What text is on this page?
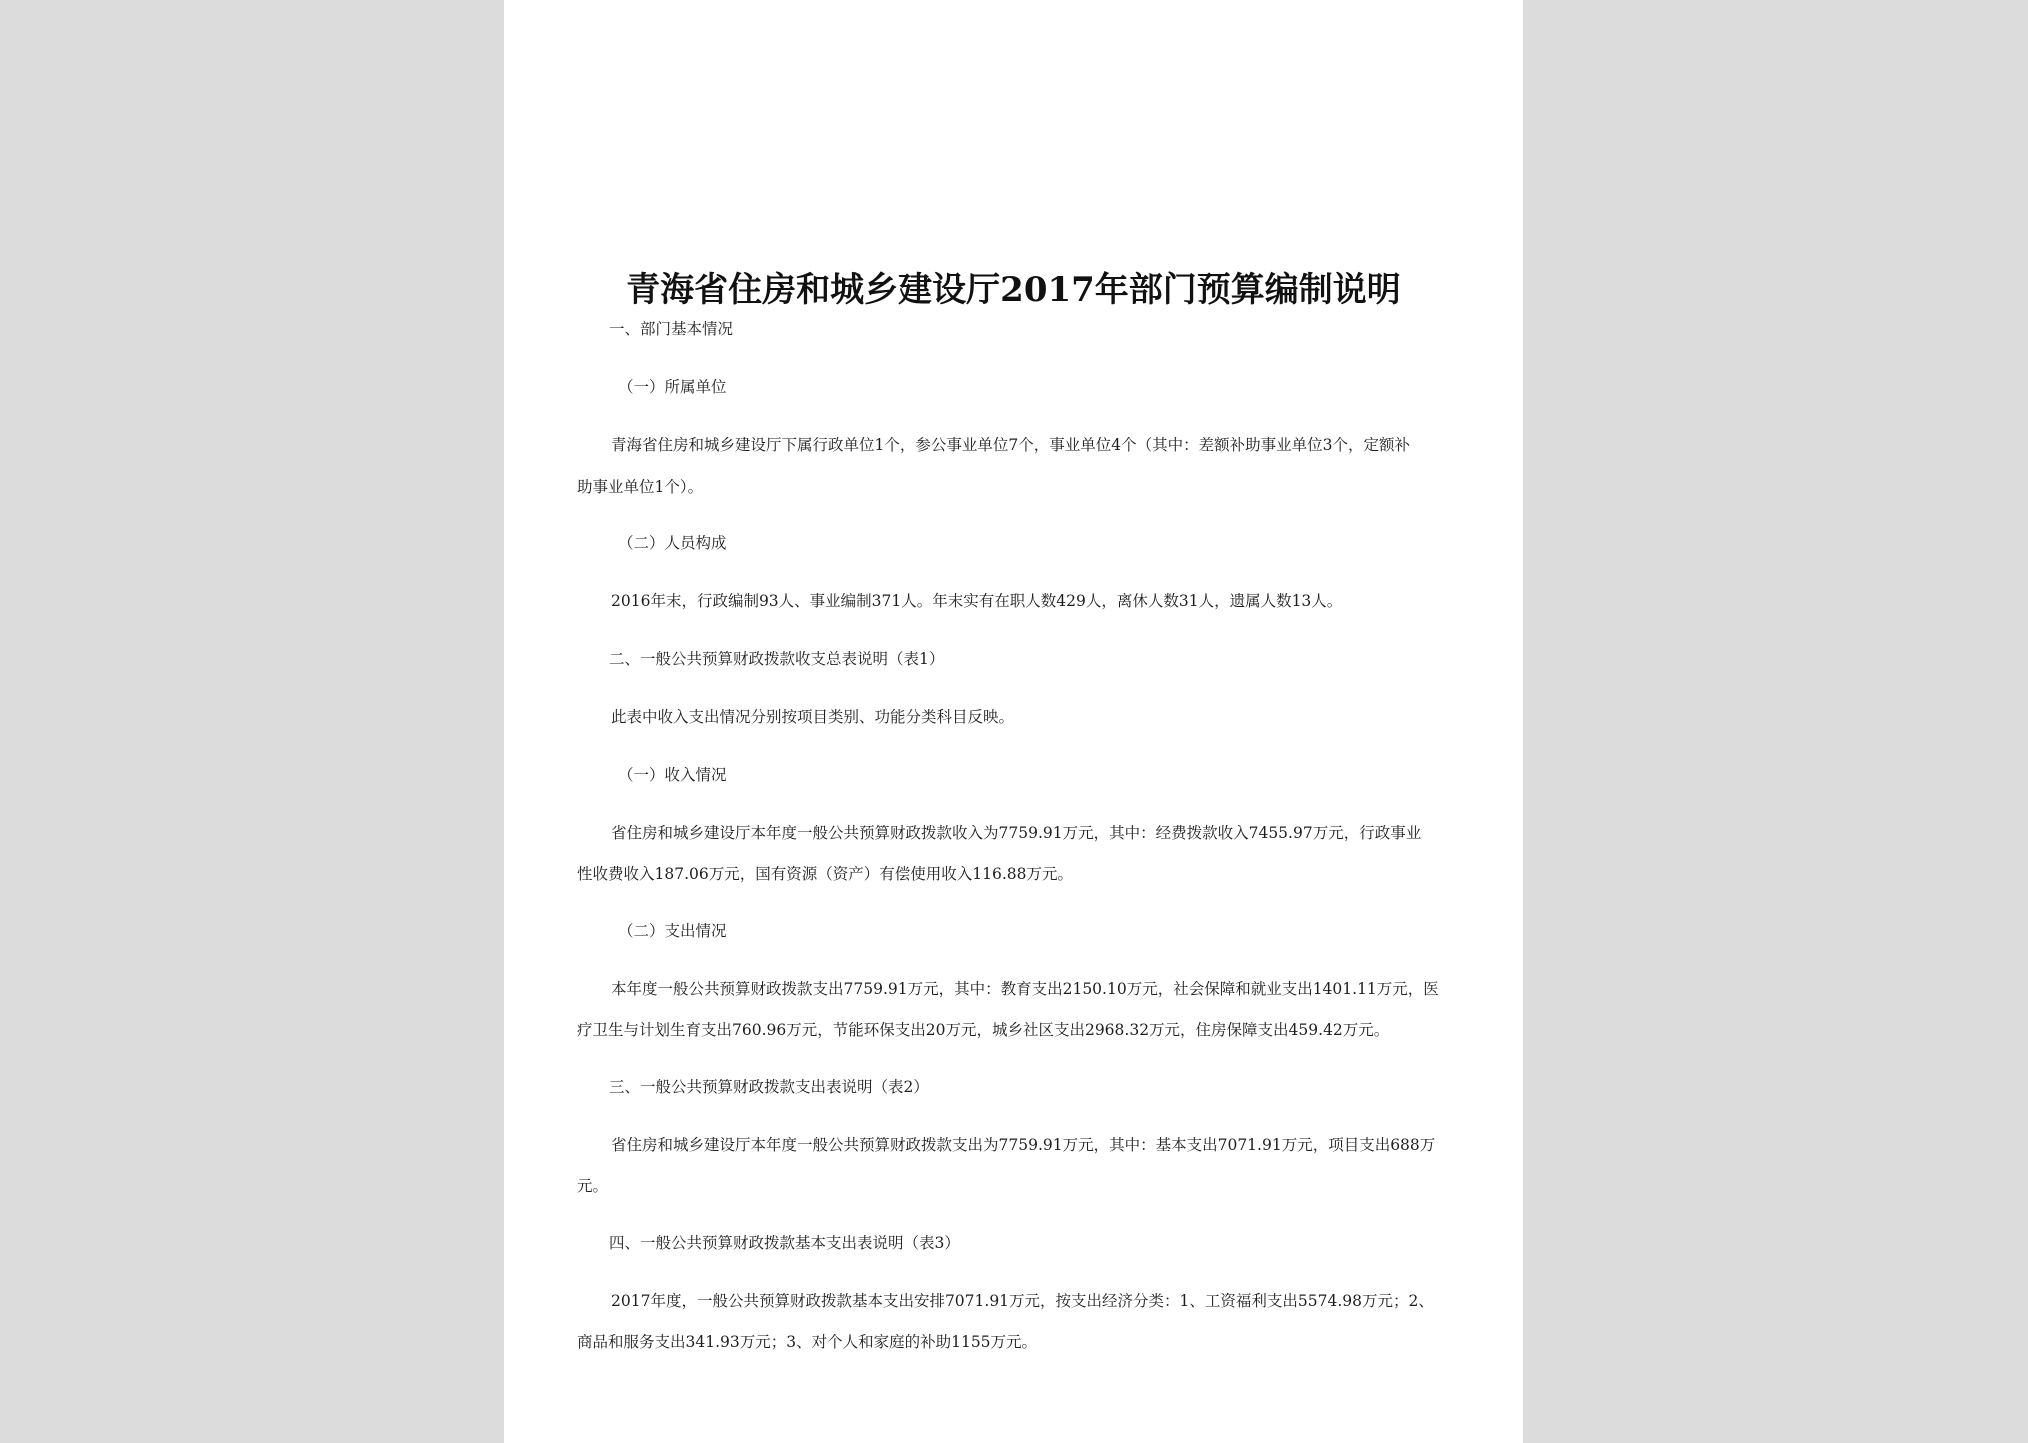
青海省住房和城乡建设厅2017年部门预算编制说明
一、部门基本情况
（一）所属单位
青海省住房和城乡建设厅下属行政单位1个，参公事业单位7个，事业单位4个（其中：差额补助事业单位3个，定额补
助事业单位1个）。
（二）人员构成
2016年末，行政编制93人、事业编制371人。年末实有在职人数429人，离休人数31人，遗属人数13人。
二、一般公共预算财政拨款收支总表说明（表1）
此表中收入支出情况分别按项目类别、功能分类科目反映。
（一）收入情况
省住房和城乡建设厅本年度一般公共预算财政拨款收入为7759.91万元，其中：经费拨款收入7455.97万元，行政事业
性收费收入187.06万元，国有资源（资产）有偿使用收入116.88万元。
（二）支出情况
本年度一般公共预算财政拨款支出7759.91万元，其中：教育支出2150.10万元，社会保障和就业支出1401.11万元，医
疗卫生与计划生育支出760.96万元，节能环保支出20万元，城乡社区支出2968.32万元，住房保障支出459.42万元。
三、一般公共预算财政拨款支出表说明（表2）
省住房和城乡建设厅本年度一般公共预算财政拨款支出为7759.91万元，其中：基本支出7071.91万元，项目支出688万
元。
四、一般公共预算财政拨款基本支出表说明（表3）
2017年度，一般公共预算财政拨款基本支出安排7071.91万元，按支出经济分类：1、工资福利支出5574.98万元；2、
商品和服务支出341.93万元；3、对个人和家庭的补助1155万元。
